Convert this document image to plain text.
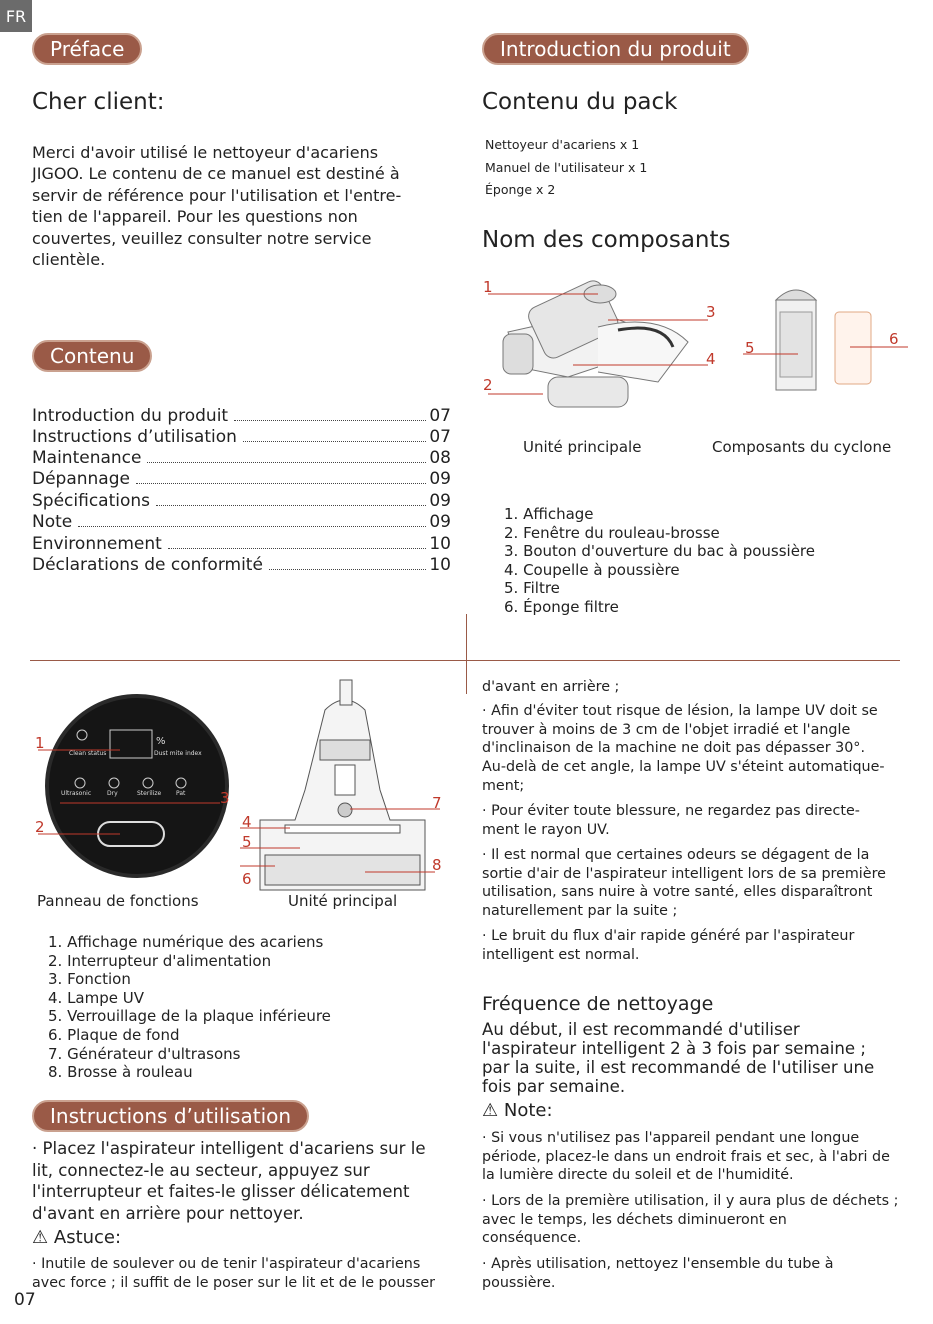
FR
Préface
Cher client:
Merci d'avoir utilisé le nettoyeur d'acariens
JIGOO. Le contenu de ce manuel est destiné à
servir de référence pour l'utilisation et l'entre-
tien de l'appareil. Pour les questions non
couvertes, veuillez consulter notre service
clientèle.
Contenu
Introduction du produit	07
Instructions d’utilisation	07
Maintenance	08
Dépannage	09
Spécifications	09
Note	09
Environnement	10
Déclarations de conformité	10
Introduction du produit
Contenu du pack
Nettoyeur d'acariens x 1
Manuel de l'utilisateur x 1
Éponge x 2
Nom des composants
1
2
3
4
5	6
Unité principale	Composants du cyclone
1. Affichage
2. Fenêtre du rouleau-brosse
3. Bouton d'ouverture du bac à poussière
4. Coupelle à poussière
5. Filtre
6. Éponge filtre
Clean status	Dust mite index
%
Ultrasonic	Dry	Sterilize Pat
1
2
3
4
5
6
7
8
Panneau de fonctions	Unité principal
1. Affichage numérique des acariens
2. Interrupteur d'alimentation
3. Fonction
4. Lampe UV
5. Verrouillage de la plaque inférieure
6. Plaque de fond
7. Générateur d'ultrasons
8. Brosse à rouleau
Instructions d’utilisation
· Placez l'aspirateur intelligent d'acariens sur le
lit, connectez-le au secteur, appuyez sur
l'interrupteur et faites-le glisser délicatement
d'avant en arrière pour nettoyer.
⚠ Astuce:
· Inutile de soulever ou de tenir l'aspirateur d'acariens
avec force ; il suffit de le poser sur le lit et de le pousser
07
d'avant en arrière ;
· Afin d'éviter tout risque de lésion, la lampe UV doit se
trouver à moins de 3 cm de l'objet irradié et l'angle
d'inclinaison de la machine ne doit pas dépasser 30°.
Au-delà de cet angle, la lampe UV s'éteint automatique-
ment;
· Pour éviter toute blessure, ne regardez pas directe-
ment le rayon UV.
· Il est normal que certaines odeurs se dégagent de la
sortie d'air de l'aspirateur intelligent lors de sa première
utilisation, sans nuire à votre santé, elles disparaîtront
naturellement par la suite ;
· Le bruit du flux d'air rapide généré par l'aspirateur
intelligent est normal.
Fréquence de nettoyage
Au début, il est recommandé d'utiliser
l'aspirateur intelligent 2 à 3 fois par semaine ;
par la suite, il est recommandé de l'utiliser une
fois par semaine.
⚠ Note:
· Si vous n'utilisez pas l'appareil pendant une longue
période, placez-le dans un endroit frais et sec, à l'abri de
la lumière directe du soleil et de l'humidité.
· Lors de la première utilisation, il y aura plus de déchets ;
avec le temps, les déchets diminueront en
conséquence.
· Après utilisation, nettoyez l'ensemble du tube à
poussière.
